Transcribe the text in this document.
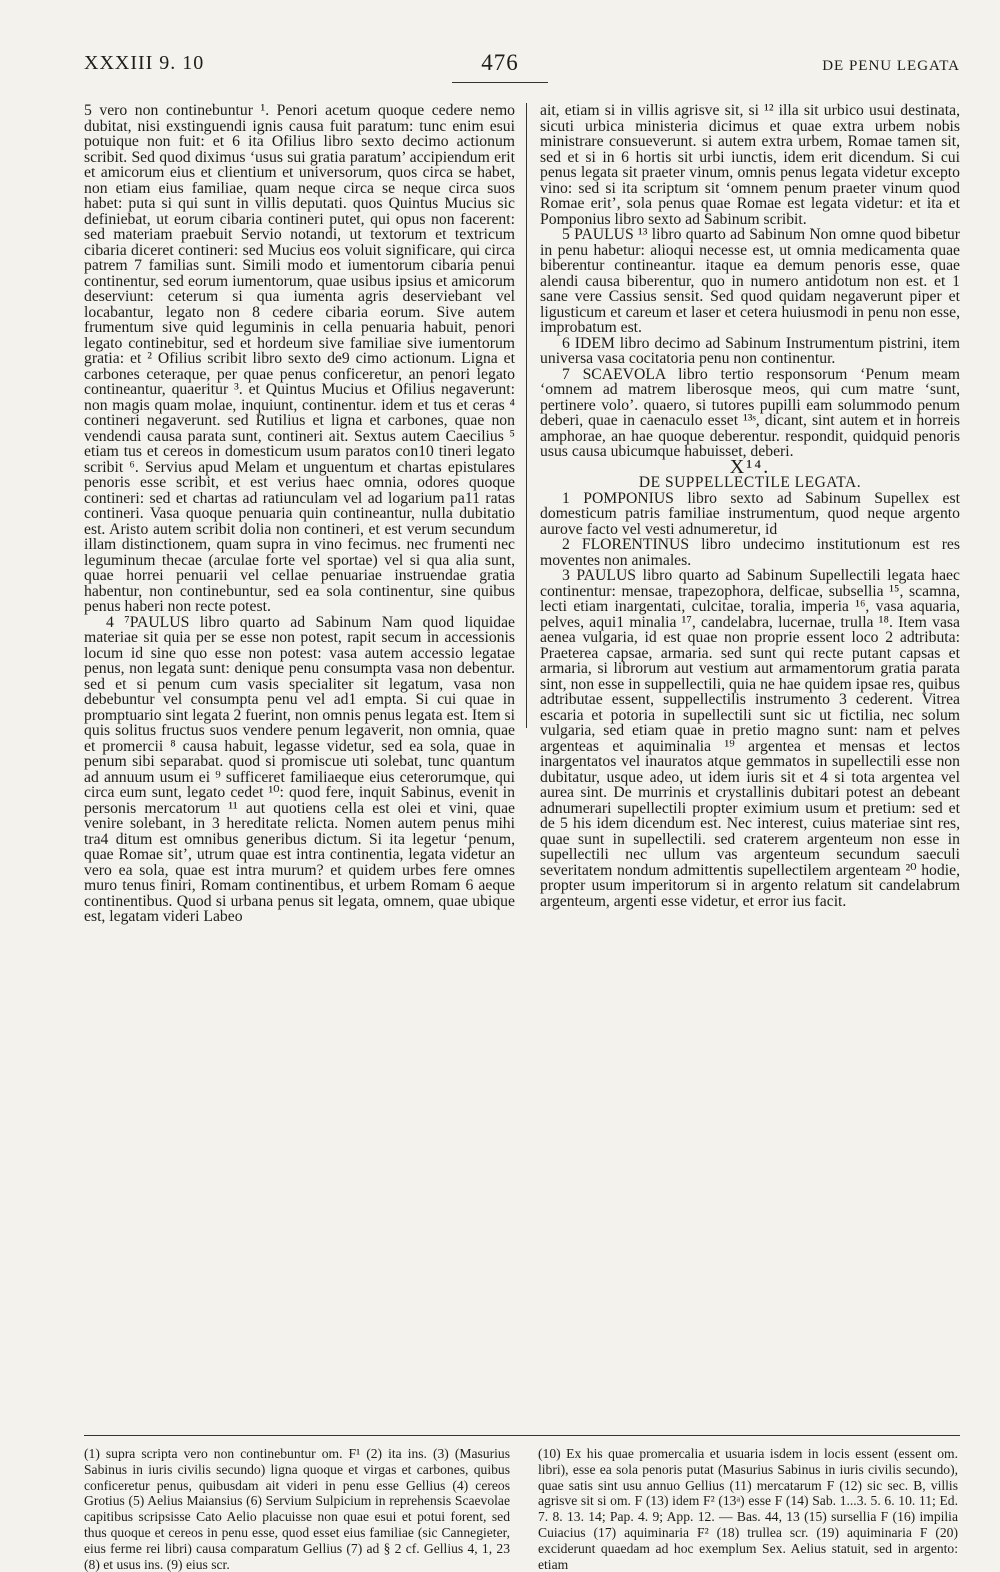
XXXIII 9. 10	476	DE PENU LEGATA

5 vero non continebuntur ¹. Penori acetum quoque cedere nemo dubitat, nisi exstinguendi ignis causa fuit paratum: tunc enim esui potuique non fuit: et 6 ita Ofilius libro sexto decimo actionum scribit. Sed quod diximus ‘usus sui gratia paratum’ accipiendum erit et amicorum eius et clientium et universorum, quos circa se habet, non etiam eius familiae, quam neque circa se neque circa suos habet: puta si qui sunt in villis deputati. quos Quintus Mucius sic definiebat, ut eorum cibaria contineri putet, qui opus non facerent: sed materiam praebuit Servio notandi, ut textorum et textricum cibaria diceret contineri: sed Mucius eos voluit significare, qui circa patrem 7 familias sunt. Simili modo et iumentorum cibaria penui continentur, sed eorum iumentorum, quae usibus ipsius et amicorum deserviunt: ceterum si qua iumenta agris deserviebant vel locabantur, legato non 8 cedere cibaria eorum. Sive autem frumentum sive quid leguminis in cella penuaria habuit, penori legato continebitur, sed et hordeum sive familiae sive iumentorum gratia: et ² Ofilius scribit libro sexto de9 cimo actionum. Ligna et carbones ceteraque, per quae penus conficeretur, an penori legato contineantur, quaeritur ³. et Quintus Mucius et Ofilius negaverunt: non magis quam molae, inquiunt, continentur. idem et tus et ceras ⁴ contineri negaverunt. sed Rutilius et ligna et carbones, quae non vendendi causa parata sunt, contineri ait. Sextus autem Caecilius ⁵ etiam tus et cereos in domesticum usum paratos con10 tineri legato scribit ⁶. Servius apud Melam et unguentum et chartas epistulares penoris esse scribit, et est verius haec omnia, odores quoque contineri: sed et chartas ad ratiunculam vel ad logarium pa11 ratas contineri. Vasa quoque penuaria quin contineantur, nulla dubitatio est. Aristo autem scribit dolia non contineri, et est verum secundum illam distinctionem, quam supra in vino fecimus. nec frumenti nec leguminum thecae (arculae forte vel sportae) vel si qua alia sunt, quae horrei penuarii vel cellae penuariae instruendae gratia habentur, non continebuntur, sed ea sola continentur, sine quibus penus haberi non recte potest.

4 ⁷PAULUS libro quarto ad Sabinum Nam quod liquidae materiae sit quia per se esse non potest, rapit secum in accessionis locum id sine quo esse non potest: vasa autem accessio legatae penus, non legata sunt: denique penu consumpta vasa non debentur. sed et si penum cum vasis specialiter sit legatum, vasa non debebuntur vel consumpta penu vel ad1 empta. Si cui quae in promptuario sint legata 2 fuerint, non omnis penus legata est. Item si quis solitus fructus suos vendere penum legaverit, non omnia, quae et promercii ⁸ causa habuit, legasse videtur, sed ea sola, quae in penum sibi separabat. quod si promiscue uti solebat, tunc quantum ad annuum usum ei ⁹ sufficeret familiaeque eius ceterorumque, qui circa eum sunt, legato cedet ¹⁰: quod fere, inquit Sabinus, evenit in personis mercatorum ¹¹ aut quotiens cella est olei et vini, quae venire solebant, in 3 hereditate relicta. Nomen autem penus mihi tra4 ditum est omnibus generibus dictum. Si ita legetur ‘penum, quae Romae sit’, utrum quae est intra continentia, legata videtur an vero ea sola, quae est intra murum? et quidem urbes fere omnes muro tenus finiri, Romam continentibus, et urbem Romam 6 aeque continentibus. Quod si urbana penus sit legata, omnem, quae ubique est, legatam videri Labeo

ait, etiam si in villis agrisve sit, si ¹² illa sit urbico usui destinata, sicuti urbica ministeria dicimus et quae extra urbem nobis ministrare consueverunt. si autem extra urbem, Romae tamen sit, sed et si in 6 hortis sit urbi iunctis, idem erit dicendum. Si cui penus legata sit praeter vinum, omnis penus legata videtur excepto vino: sed si ita scriptum sit ‘omnem penum praeter vinum quod Romae erit’, sola penus quae Romae est legata videtur: et ita et Pomponius libro sexto ad Sabinum scribit.

5 PAULUS ¹³ libro quarto ad Sabinum Non omne quod bibetur in penu habetur: alioqui necesse est, ut omnia medicamenta quae biberentur contineantur. itaque ea demum penoris esse, quae alendi causa biberentur, quo in numero antidotum non est. et 1 sane vere Cassius sensit. Sed quod quidam negaverunt piper et ligusticum et careum et laser et cetera huiusmodi in penu non esse, improbatum est.

6 IDEM libro decimo ad Sabinum Instrumentum pistrini, item universa vasa cocitatoria penu non continentur.

7 SCAEVOLA libro tertio responsorum ‘Penum meam ‘omnem ad matrem liberosque meos, qui cum matre ‘sunt, pertinere volo’. quaero, si tutores pupilli eam solummodo penum deberi, quae in caenaculo esset ¹³ˢ, dicant, sint autem et in horreis amphorae, an hae quoque deberentur. respondit, quidquid penoris usus causa ubicumque habuisset, deberi.

X¹⁴.

DE SUPPELLECTILE LEGATA.

1 POMPONIUS libro sexto ad Sabinum Supellex est domesticum patris familiae instrumentum, quod neque argento aurove facto vel vesti adnumeretur, id

2 FLORENTINUS libro undecimo institutionum est res moventes non animales.

3 PAULUS libro quarto ad Sabinum Supellectili legata haec continentur: mensae, trapezophora, delficae, subsellia ¹⁵, scamna, lecti etiam inargentati, culcitae, toralia, imperia ¹⁶, vasa aquaria, pelves, aqui1 minalia ¹⁷, candelabra, lucernae, trulla ¹⁸. Item vasa aenea vulgaria, id est quae non proprie essent loco 2 adtributa: Praeterea capsae, armaria. sed sunt qui recte putant capsas et armaria, si librorum aut vestium aut armamentorum gratia parata sint, non esse in suppellectili, quia ne hae quidem ipsae res, quibus adtributae essent, suppellectilis instrumento 3 cederent. Vitrea escaria et potoria in supellectili sunt sic ut fictilia, nec solum vulgaria, sed etiam quae in pretio magno sunt: nam et pelves argenteas et aquiminalia ¹⁹ argentea et mensas et lectos inargentatos vel inauratos atque gemmatos in supellectili esse non dubitatur, usque adeo, ut idem iuris sit et 4 si tota argentea vel aurea sint. De murrinis et crystallinis dubitari potest an debeant adnumerari supellectili propter eximium usum et pretium: sed et de 5 his idem dicendum est. Nec interest, cuius materiae sint res, quae sunt in supellectili. sed craterem argenteum non esse in supellectili nec ullum vas argenteum secundum saeculi severitatem nondum admittentis supellectilem argenteam ²⁰ hodie, propter usum imperitorum si in argento relatum sit candelabrum argenteum, argenti esse videtur, et error ius facit.

(1) supra scripta vero non continebuntur om. F¹ (2) ita ins. (3) (Masurius Sabinus in iuris civilis secundo) ligna quoque et virgas et carbones, quibus conficeretur penus, quibusdam ait videri in penu esse Gellius (4) cereos Grotius (5) Aelius Maiansius (6) Servium Sulpicium in reprehensis Scaevolae capitibus scripsisse Cato Aelio placuisse non quae esui et potui forent, sed thus quoque et cereos in penu esse, quod esset eius familiae (sic Cannegieter, eius ferme rei libri) causa comparatum Gellius (7) ad § 2 cf. Gellius 4, 1, 23 (8) et usus ins. (9) eius scr.

(10) Ex his quae promercalia et usuaria isdem in locis essent (essent om. libri), esse ea sola penoris putat (Masurius Sabinus in iuris civilis secundo), quae satis sint usu annuo Gellius (11) mercatarum F (12) sic sec. B, villis agrisve sit si om. F (13) idem F² (13ᵃ) esse F (14) Sab. 1...3. 5. 6. 10. 11; Ed. 7. 8. 13. 14; Pap. 4. 9; App. 12. — Bas. 44, 13 (15) sursellia F (16) impilia Cuiacius (17) aquiminaria F² (18) trullea scr. (19) aquiminaria F (20) exciderunt quaedam ad hoc exemplum Sex. Aelius statuit, sed in argento: etiam
